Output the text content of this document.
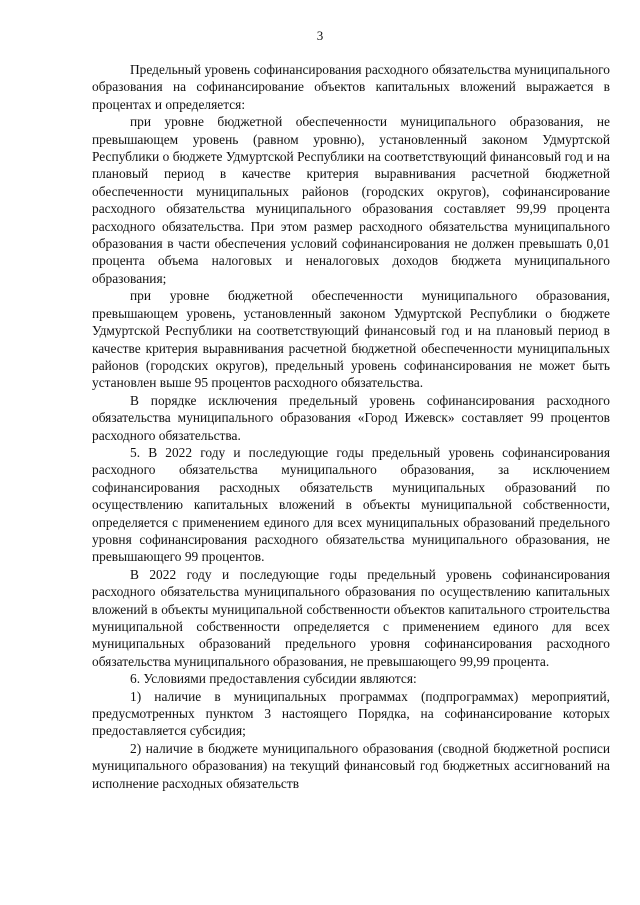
3

Предельный уровень софинансирования расходного обязательства муниципального образования на софинансирование объектов капитальных вложений выражается в процентах и определяется:

при уровне бюджетной обеспеченности муниципального образования, не превышающем уровень (равном уровню), установленный законом Удмуртской Республики о бюджете Удмуртской Республики на соответствующий финансовый год и на плановый период в качестве критерия выравнивания расчетной бюджетной обеспеченности муниципальных районов (городских округов), софинансирование расходного обязательства муниципального образования составляет 99,99 процента расходного обязательства. При этом размер расходного обязательства муниципального образования в части обеспечения условий софинансирования не должен превышать 0,01 процента объема налоговых и неналоговых доходов бюджета муниципального образования;

при уровне бюджетной обеспеченности муниципального образования, превышающем уровень, установленный законом Удмуртской Республики о бюджете Удмуртской Республики на соответствующий финансовый год и на плановый период в качестве критерия выравнивания расчетной бюджетной обеспеченности муниципальных районов (городских округов), предельный уровень софинансирования не может быть установлен выше 95 процентов расходного обязательства.

В порядке исключения предельный уровень софинансирования расходного обязательства муниципального образования «Город Ижевск» составляет 99 процентов расходного обязательства.

5. В 2022 году и последующие годы предельный уровень софинансирования расходного обязательства муниципального образования, за исключением софинансирования расходных обязательств муниципальных образований по осуществлению капитальных вложений в объекты муниципальной собственности, определяется с применением единого для всех муниципальных образований предельного уровня софинансирования расходного обязательства муниципального образования, не превышающего 99 процентов.

В 2022 году и последующие годы предельный уровень софинансирования расходного обязательства муниципального образования по осуществлению капитальных вложений в объекты муниципальной собственности объектов капитального строительства муниципальной собственности определяется с применением единого для всех муниципальных образований предельного уровня софинансирования расходного обязательства муниципального образования, не превышающего 99,99 процента.

6. Условиями предоставления субсидии являются:

1) наличие в муниципальных программах (подпрограммах) мероприятий, предусмотренных пунктом 3 настоящего Порядка, на софинансирование которых предоставляется субсидия;

2) наличие в бюджете муниципального образования (сводной бюджетной росписи муниципального образования) на текущий финансовый год бюджетных ассигнований на исполнение расходных обязательств
